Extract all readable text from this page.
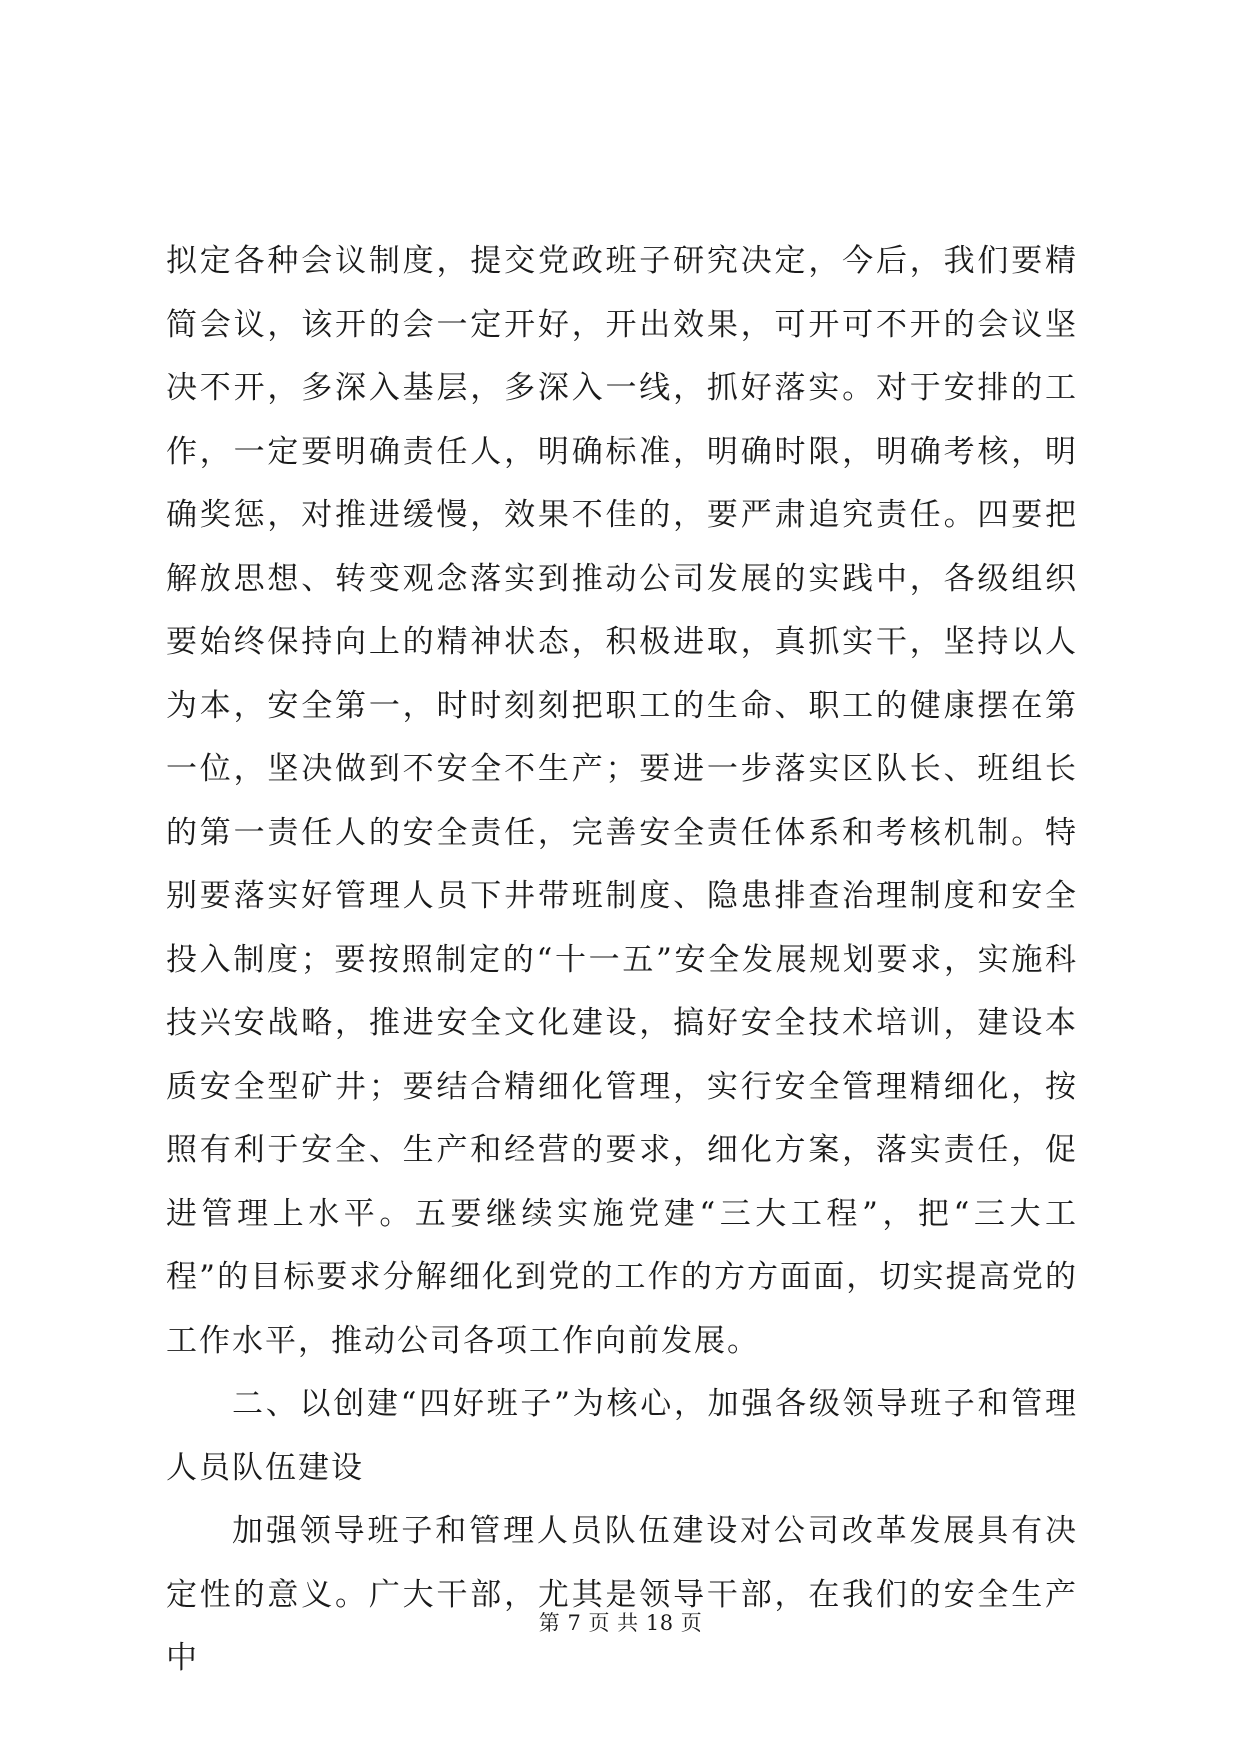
拟定各种会议制度，提交党政班子研究决定，今后，我们要精简会议，该开的会一定开好，开出效果，可开可不开的会议坚决不开，多深入基层，多深入一线，抓好落实。对于安排的工作，一定要明确责任人，明确标准，明确时限，明确考核，明确奖惩，对推进缓慢，效果不佳的，要严肃追究责任。四要把解放思想、转变观念落实到推动公司发展的实践中，各级组织要始终保持向上的精神状态，积极进取，真抓实干，坚持以人为本，安全第一，时时刻刻把职工的生命、职工的健康摆在第一位，坚决做到不安全不生产；要进一步落实区队长、班组长的第一责任人的安全责任，完善安全责任体系和考核机制。特别要落实好管理人员下井带班制度、隐患排查治理制度和安全投入制度；要按照制定的“十一五”安全发展规划要求，实施科技兴安战略，推进安全文化建设，搞好安全技术培训，建设本质安全型矿井；要结合精细化管理，实行安全管理精细化，按照有利于安全、生产和经营的要求，细化方案，落实责任，促进管理上水平。五要继续实施党建“三大工程”，把“三大工程”的目标要求分解细化到党的工作的方方面面，切实提高党的工作水平，推动公司各项工作向前发展。

二、以创建“四好班子”为核心，加强各级领导班子和管理人员队伍建设

加强领导班子和管理人员队伍建设对公司改革发展具有决定性的意义。广大干部，尤其是领导干部，在我们的安全生产中

第 7 页 共 18 页
